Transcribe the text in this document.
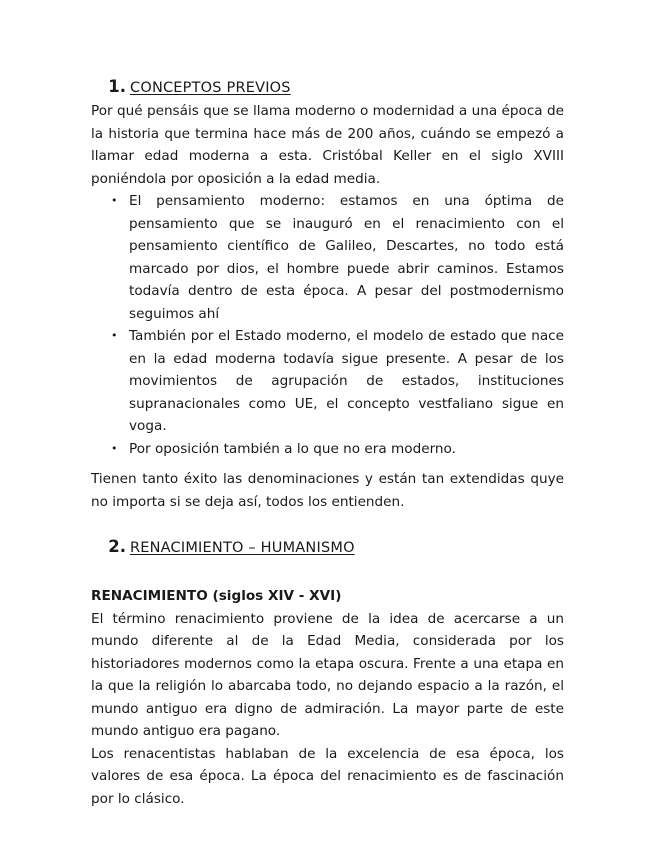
1. CONCEPTOS PREVIOS

Por qué pensáis que se llama moderno o modernidad a una época de la historia que termina hace más de 200 años, cuándo se empezó a llamar edad moderna a esta. Cristóbal Keller en el siglo XVIII poniéndola por oposición a la edad media.

• El pensamiento moderno: estamos en una óptima de pensamiento que se inauguró en el renacimiento con el pensamiento científico de Galileo, Descartes, no todo está marcado por dios, el hombre puede abrir caminos. Estamos todavía dentro de esta época. A pesar del postmodernismo seguimos ahí
• También por el Estado moderno, el modelo de estado que nace en la edad moderna todavía sigue presente. A pesar de los movimientos de agrupación de estados, instituciones supranacionales como UE, el concepto vestfaliano sigue en voga.
• Por oposición también a lo que no era moderno.

Tienen tanto éxito las denominaciones y están tan extendidas quye no importa si se deja así, todos los entienden.

2. RENACIMIENTO – HUMANISMO

RENACIMIENTO (siglos XIV - XVI)

El término renacimiento proviene de la idea de acercarse a un mundo diferente al de la Edad Media, considerada por los historiadores modernos como la etapa oscura. Frente a una etapa en la que la religión lo abarcaba todo, no dejando espacio a la razón, el mundo antiguo era digno de admiración. La mayor parte de este mundo antiguo era pagano.

Los renacentistas hablaban de la excelencia de esa época, los valores de esa época. La época del renacimiento es de fascinación por lo clásico.
